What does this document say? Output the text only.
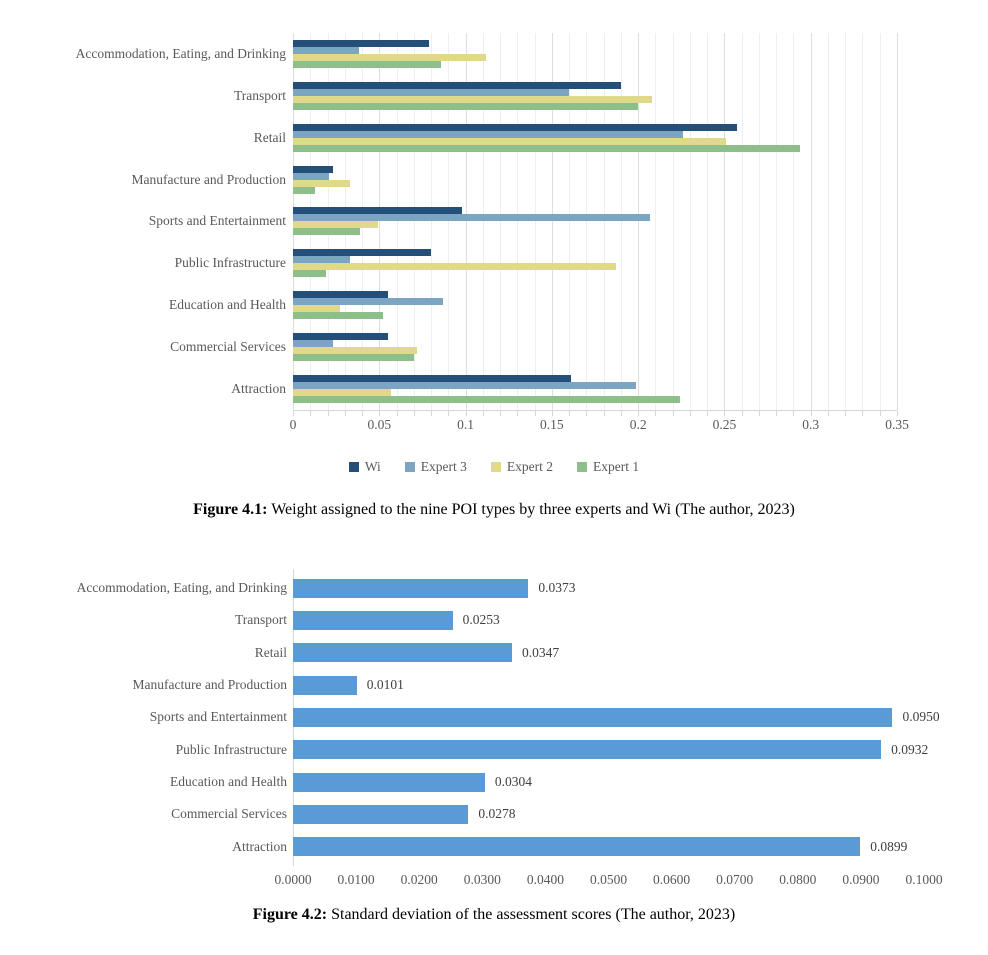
Accommodation, Eating, and Drinking
Transport
Retail
Manufacture and Production
Sports and Entertainment
Public Infrastructure
Education and Health
Commercial Services
Attraction
0	0.05	0.1	0.15	0.2	0.25	0.3	0.35
Wi	Expert 3	Expert 2	Expert 1

Figure 4.1: Weight assigned to the nine POI types by three experts and Wi (The author, 2023)

Accommodation, Eating, and Drinking	0.0373
Transport	0.0253
Retail	0.0347
Manufacture and Production	0.0101
Sports and Entertainment	0.0950
Public Infrastructure	0.0932
Education and Health	0.0304
Commercial Services	0.0278
Attraction	0.0899
0.0000 0.0100 0.0200 0.0300 0.0400 0.0500 0.0600 0.0700 0.0800 0.0900 0.1000

Figure 4.2: Standard deviation of the assessment scores (The author, 2023)
